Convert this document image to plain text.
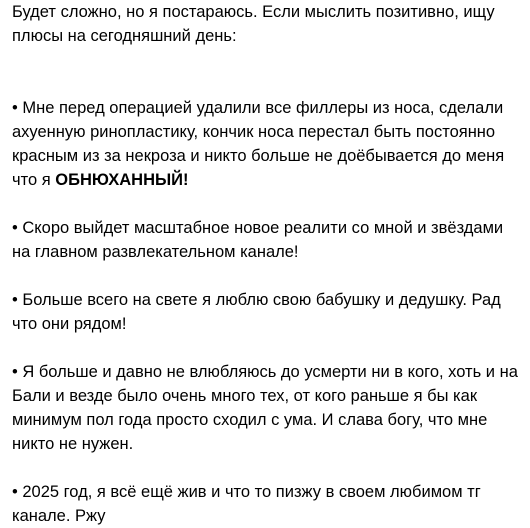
Будет сложно, но я постараюсь. Если мыслить позитивно, ищу плюсы на сегодняшний день:

• Мне перед операцией удалили все филлеры из носа, сделали ахуенную ринопластику, кончик носа перестал быть постоянно красным из за некроза и никто больше не доёбывается до меня что я ОБНЮХАННЫЙ!

• Скоро выйдет масштабное новое реалити со мной и звёздами на главном развлекательном канале!

• Больше всего на свете я люблю свою бабушку и дедушку. Рад что они рядом!

• Я больше и давно не влюбляюсь до усмерти ни в кого, хоть и на Бали и везде было очень много тех, от кого раньше я бы как минимум пол года просто сходил с ума. И слава богу, что мне никто не нужен.

• 2025 год, я всё ещё жив и что то пизжу в своем любимом тг канале. Ржу
